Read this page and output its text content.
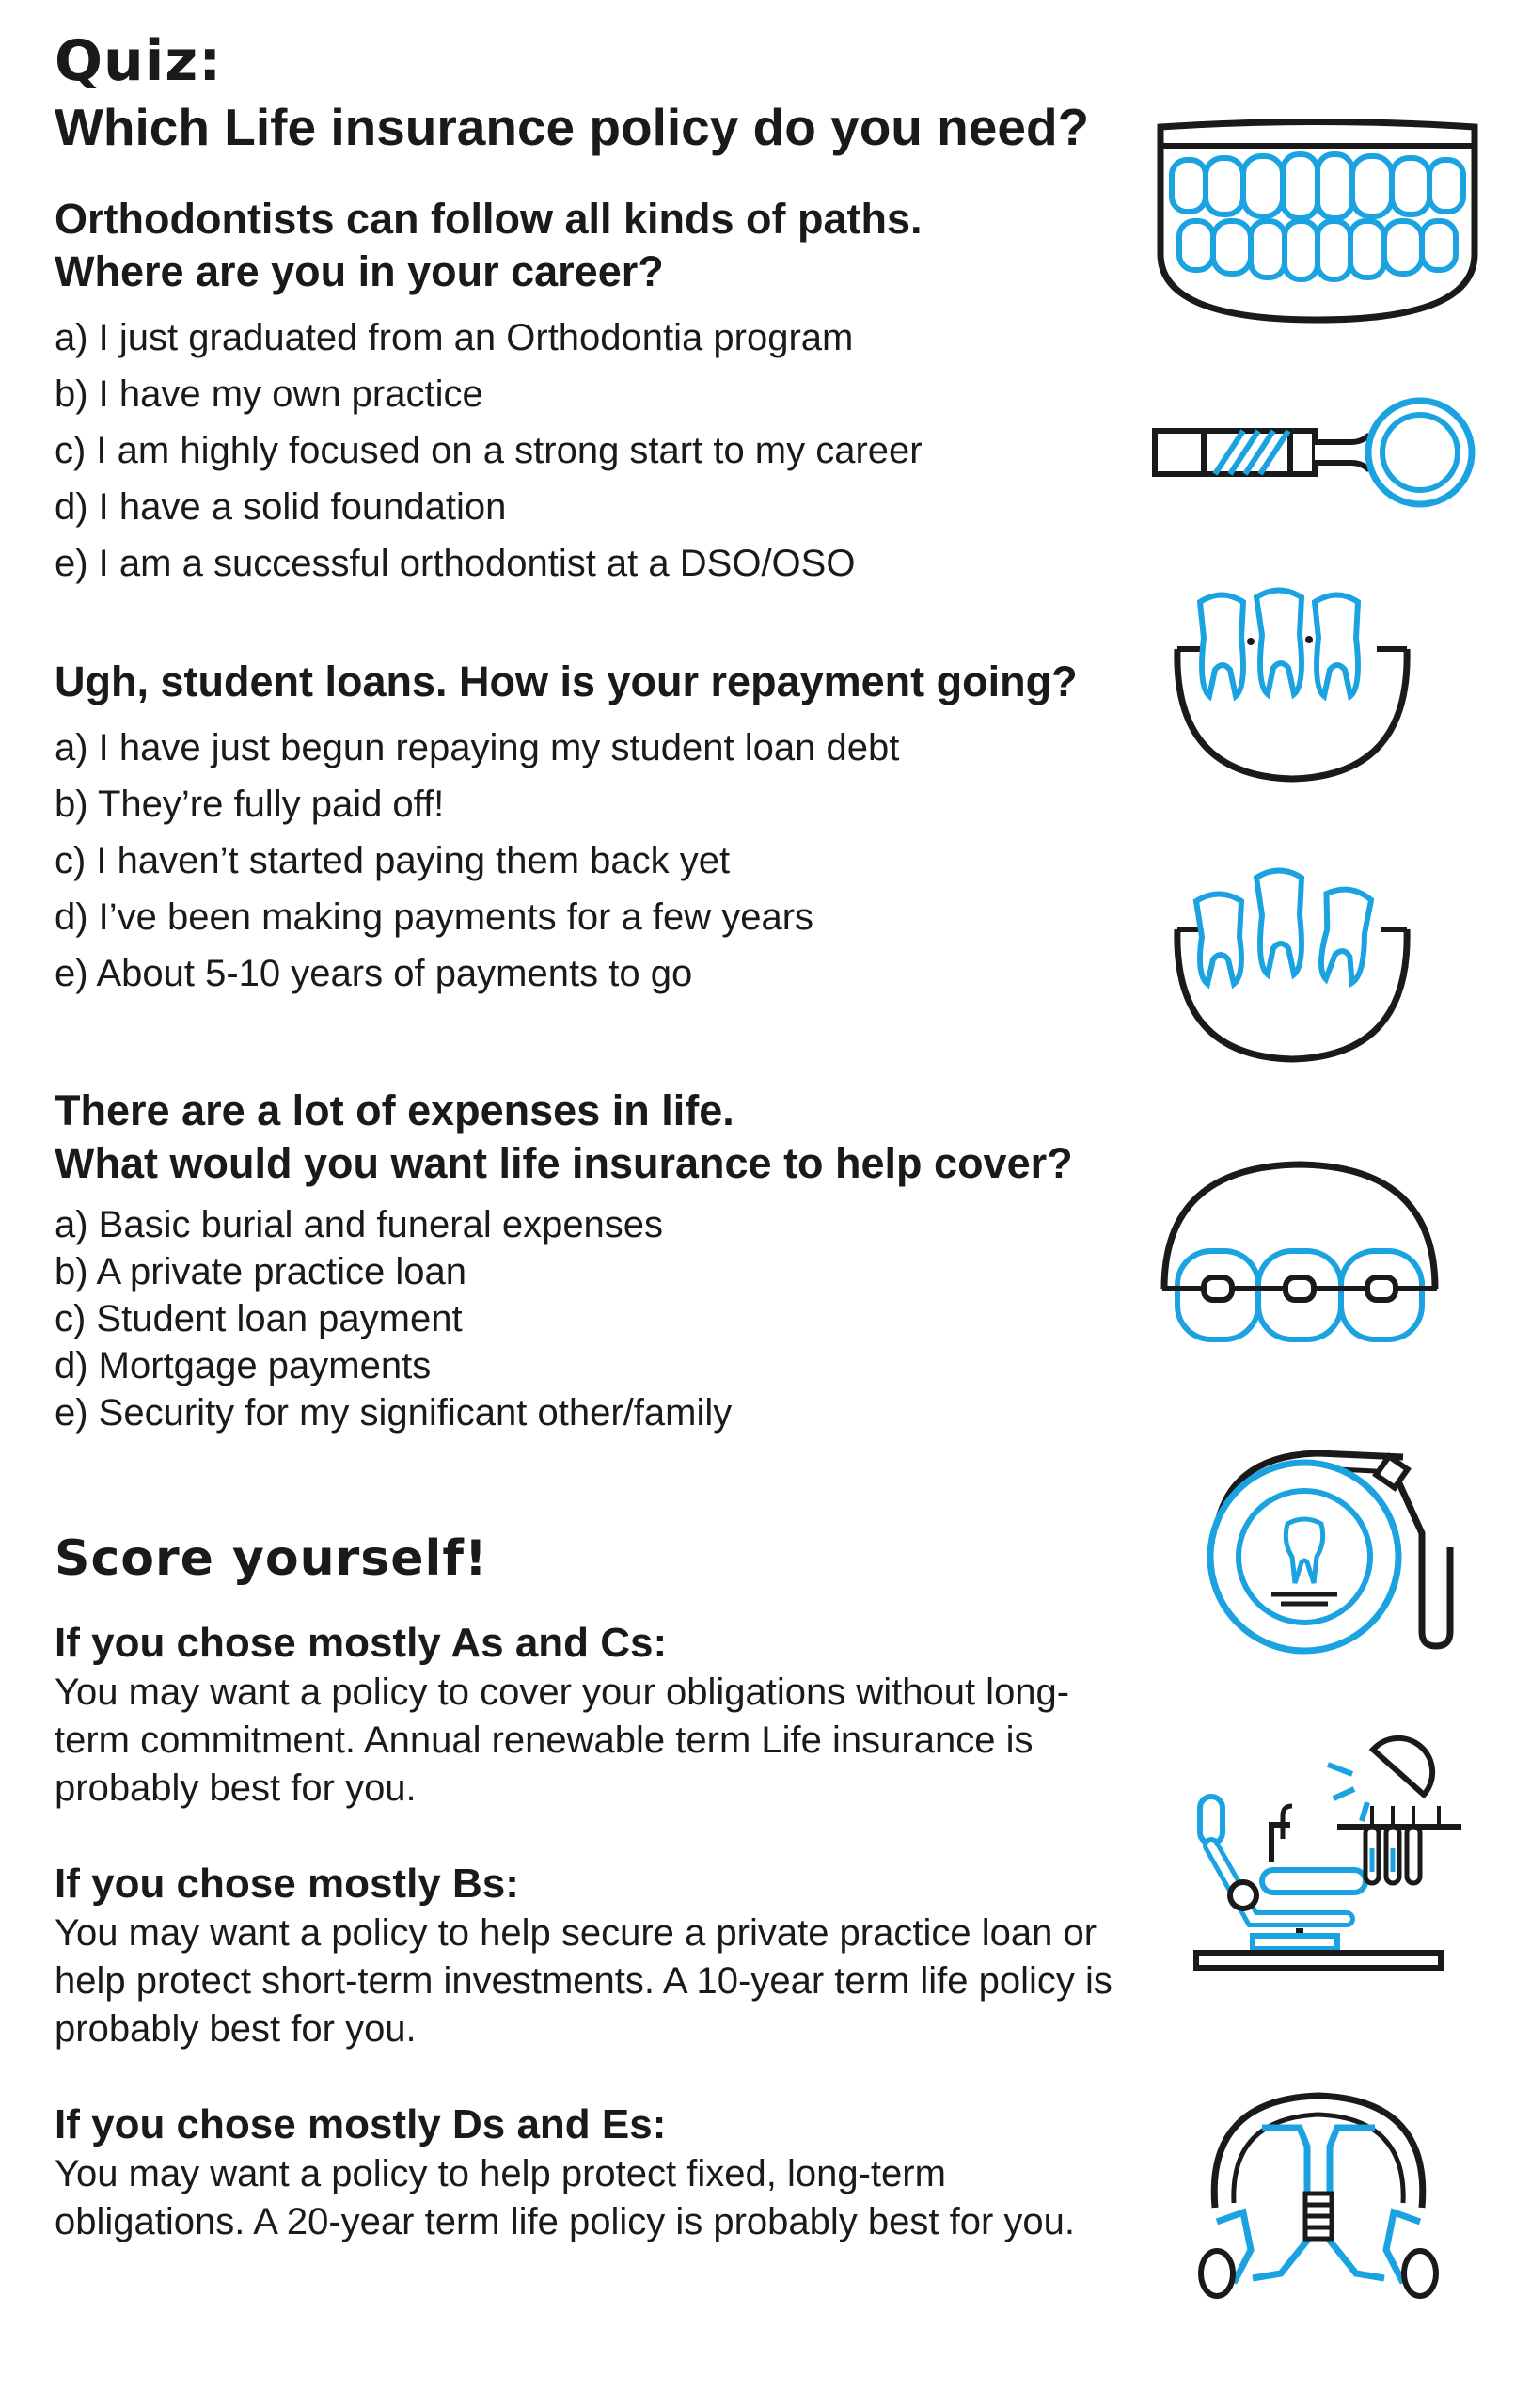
Quiz:
Which Life insurance policy do you need?
Orthodontists can follow all kinds of paths.
Where are you in your career?
a) I just graduated from an Orthodontia program
b) I have my own practice
c) I am highly focused on a strong start to my career
d) I have a solid foundation
e) I am a successful orthodontist at a DSO/OSO
Ugh, student loans. How is your repayment going?
a) I have just begun repaying my student loan debt
b) They’re fully paid off!
c) I haven’t started paying them back yet
d) I’ve been making payments for a few years
e) About 5-10 years of payments to go
There are a lot of expenses in life.
What would you want life insurance to help cover?
a) Basic burial and funeral expenses
b) A private practice loan
c) Student loan payment
d) Mortgage payments
e) Security for my significant other/family
Score yourself!
If you chose mostly As and Cs:
You may want a policy to cover your obligations without long-term commitment. Annual renewable term Life insurance is probably best for you.
If you chose mostly Bs:
You may want a policy to help secure a private practice loan or help protect short-term investments. A 10-year term life policy is probably best for you.
If you chose mostly Ds and Es:
You may want a policy to help protect fixed, long-term obligations. A 20-year term life policy is probably best for you.
